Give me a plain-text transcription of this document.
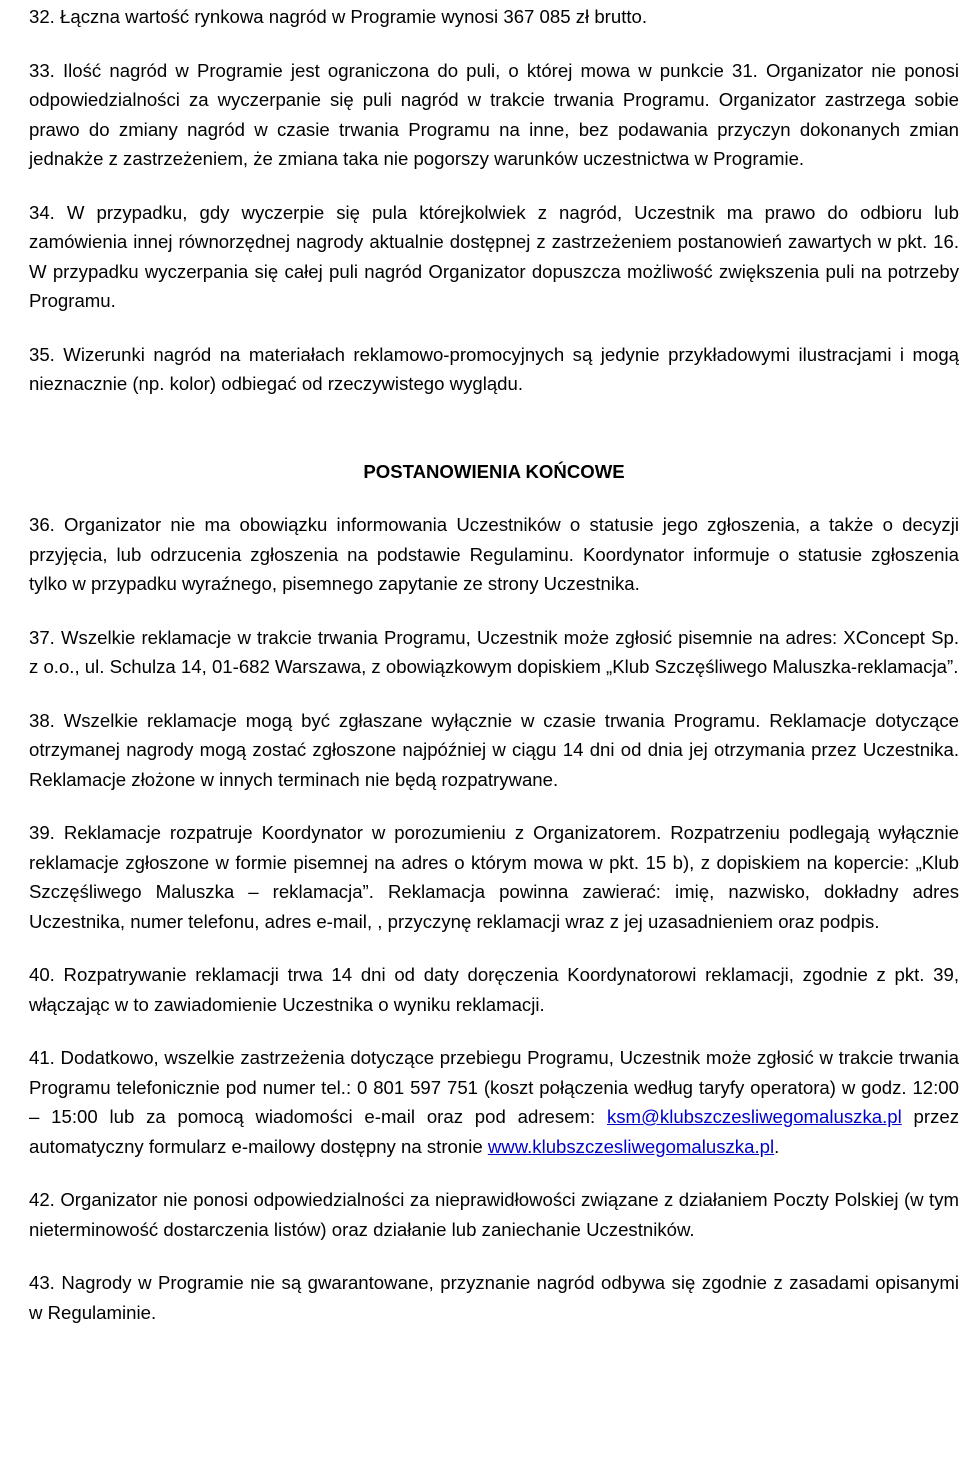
32. Łączna wartość rynkowa nagród w Programie wynosi 367 085 zł brutto.

33. Ilość nagród w Programie jest ograniczona do puli, o której mowa w punkcie 31. Organizator nie ponosi odpowiedzialności za wyczerpanie się puli nagród w trakcie trwania Programu. Organizator zastrzega sobie prawo do zmiany nagród w czasie trwania Programu na inne, bez podawania przyczyn dokonanych zmian jednakże z zastrzeżeniem, że zmiana taka nie pogorszy warunków uczestnictwa w Programie.

34. W przypadku, gdy wyczerpie się pula którejkolwiek z nagród, Uczestnik ma prawo do odbioru lub zamówienia innej równorzędnej nagrody aktualnie dostępnej z zastrzeżeniem postanowień zawartych w pkt. 16. W przypadku wyczerpania się całej puli nagród Organizator dopuszcza możliwość zwiększenia puli na potrzeby Programu.

35. Wizerunki nagród na materiałach reklamowo-promocyjnych są jedynie przykładowymi ilustracjami i mogą nieznacznie (np. kolor) odbiegać od rzeczywistego wyglądu.

POSTANOWIENIA KOŃCOWE

36. Organizator nie ma obowiązku informowania Uczestników o statusie jego zgłoszenia, a także o decyzji przyjęcia, lub odrzucenia zgłoszenia na podstawie Regulaminu. Koordynator informuje o statusie zgłoszenia tylko w przypadku wyraźnego, pisemnego zapytanie ze strony Uczestnika.

37. Wszelkie reklamacje w trakcie trwania Programu, Uczestnik może zgłosić pisemnie na adres: XConcept Sp. z o.o., ul. Schulza 14, 01-682 Warszawa, z obowiązkowym dopiskiem „Klub Szczęśliwego Maluszka-reklamacja”.

38. Wszelkie reklamacje mogą być zgłaszane wyłącznie w czasie trwania Programu. Reklamacje dotyczące otrzymanej nagrody mogą zostać zgłoszone najpóźniej w ciągu 14 dni od dnia jej otrzymania przez Uczestnika. Reklamacje złożone w innych terminach nie będą rozpatrywane.

39. Reklamacje rozpatruje Koordynator w porozumieniu z Organizatorem. Rozpatrzeniu podlegają wyłącznie reklamacje zgłoszone w formie pisemnej na adres o którym mowa w pkt. 15 b), z dopiskiem na kopercie: „Klub Szczęśliwego Maluszka – reklamacja”. Reklamacja powinna zawierać: imię, nazwisko, dokładny adres Uczestnika, numer telefonu, adres e-mail, , przyczynę reklamacji wraz z jej uzasadnieniem oraz podpis.

40. Rozpatrywanie reklamacji trwa 14 dni od daty doręczenia Koordynatorowi reklamacji, zgodnie z pkt. 39, włączając w to zawiadomienie Uczestnika o wyniku reklamacji.

41. Dodatkowo, wszelkie zastrzeżenia dotyczące przebiegu Programu, Uczestnik może zgłosić w trakcie trwania Programu telefonicznie pod numer tel.: 0 801 597 751 (koszt połączenia według taryfy operatora) w godz. 12:00 – 15:00 lub za pomocą wiadomości e-mail oraz pod adresem: ksm@klubszczesliwegomaluszka.pl przez automatyczny formularz e-mailowy dostępny na stronie www.klubszczesliwegomaluszka.pl.

42. Organizator nie ponosi odpowiedzialności za nieprawidłowości związane z działaniem Poczty Polskiej (w tym nieterminowość dostarczenia listów) oraz działanie lub zaniechanie Uczestników.

43. Nagrody w Programie nie są gwarantowane, przyznanie nagród odbywa się zgodnie z zasadami opisanymi w Regulaminie.
